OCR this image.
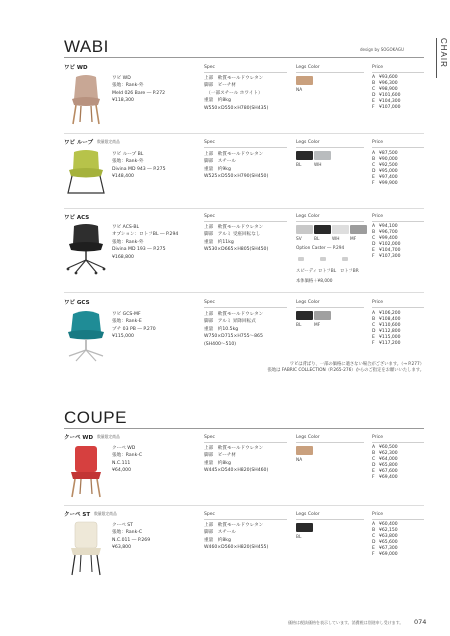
WABI	design by SOGOKAGU	CHAIR
ワビ WD
ワビ WD
張地：Rank-外
Meld 026 Bare ― P.272
¥118,300
Spec
上部　軟質モールドウレタン
脚部　ビーチ材
　（一部スチール ホワイト）
重量　約8kg
W550×D550×H780(SH435)
Legs Color
NA
Price
A ¥93,600
B ¥96,300
C ¥98,900
D ¥101,600
E ¥104,300
F ¥107,000
ワビ ループ 数量限定商品
ワビ ループ BL
張地：Rank-外
Divina MD 943 ― P.275
¥148,400
Spec
上部　軟質モールドウレタン
脚部　スチール
重量　約9kg
W525×D550×H790(SH450)
Legs Color
BL	WH
Price
A ¥87,500
B ¥90,000
C ¥92,500
D ¥95,000
E ¥97,400
F ¥99,900
ワビ ACS
ワビ ACS-BL
オプション：ロトフBL ― P.294
張地：Rank-外
Divina MD 193 ― P.275
¥168,800
Spec
上部　軟質モールドウレタン
脚部　アルミ 受座回転なし
重量　約11kg
W530×D665×H805(SH450)
Legs Color
SV	BL	WH MF
Option Caster ― P.294
スピーディ ロトフBL ロトフBR
本体価格＋¥8,000
Price
A ¥94,100
B ¥96,700
C ¥99,400
D ¥102,000
E ¥104,700
F ¥107,300
ワビ GCS
ワビ GCS-MF
張地：Rank-E
プチ 03 PB ― P.270
¥115,000
Spec
上部　軟質モールドウレタン
脚部　アルミ 昇降回転式
重量　約10.5kg
W750×D715×H755〜865
(SH400〜510)
Legs Color
BL	MF
Price
A ¥106,200
B ¥108,400
C ¥110,600
D ¥112,800
E ¥115,000
F ¥117,200
ワビは背ばり、一部の価格に適さない場合がございます。（→ P.277）
張地は FABRIC COLLECTION（P.265-276）からのご指定をお願いいたします。
COUPE
クーペ WD 数量限定商品
クーペ WD
張地：Rank-C
N.C.111
¥64,000
Spec
上部　軟質モールドウレタン
脚部　ビーチ材
重量　約8kg
W445×D540×H820(SH460)
Legs Color
NA
Price
A ¥60,500
B ¥62,300
C ¥64,000
D ¥65,800
E ¥67,600
F ¥69,400
クーペ ST 数量限定商品
クーペ ST
張地：Rank-C
N.C.011 ― P.269
¥63,800
Spec
上部　軟質モールドウレタン
脚部　スチール
重量　約8kg
W460×D560×H820(SH455)
Legs Color
BL
Price
A ¥60,400
B ¥62,150
C ¥63,800
D ¥65,600
E ¥67,300
F ¥69,000
価格は税抜価格を表示しています。消費税は別途申し受けます。 074
